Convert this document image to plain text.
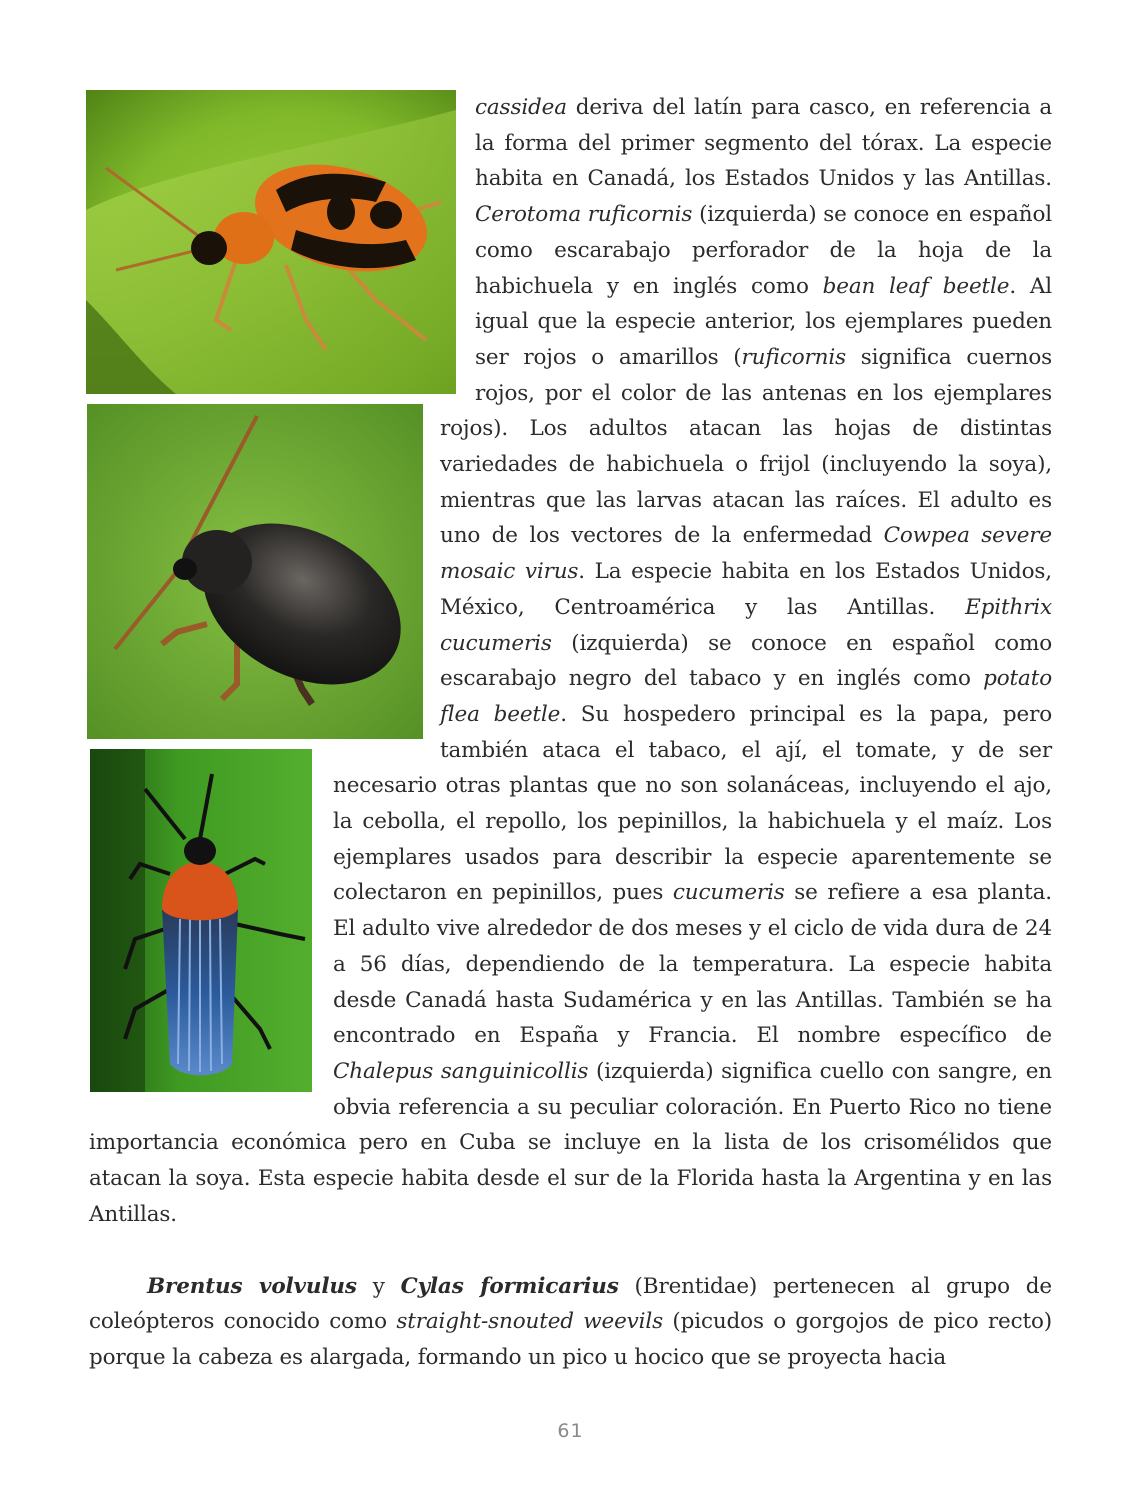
cassidea deriva del latín para casco, en referencia a la forma del primer segmento del tórax. La especie habita en Canadá, los Estados Unidos y las Antillas. Cerotoma ruficornis (izquierda) se conoce en español como escarabajo perforador de la hoja de la habichuela y en inglés como bean leaf beetle. Al igual que la especie anterior, los ejemplares pueden ser rojos o amarillos (ruficornis significa cuernos rojos, por el color de las antenas en los ejemplares rojos). Los adultos atacan las hojas de distintas variedades de habichuela o frijol (incluyendo la soya), mientras que las larvas atacan las raíces. El adulto es uno de los vectores de la enfermedad Cowpea severe mosaic virus. La especie habita en los Estados Unidos, México, Centroamérica y las Antillas. Epithrix cucumeris (izquierda) se conoce en español como escarabajo negro del tabaco y en inglés como potato flea beetle. Su hospedero principal es la papa, pero también ataca el tabaco, el ají, el tomate, y de ser necesario otras plantas que no son solanáceas, incluyendo el ajo, la cebolla, el repollo, los pepinillos, la habichuela y el maíz. Los ejemplares usados para describir la especie aparentemente se colectaron en pepinillos, pues cucumeris se refiere a esa planta. El adulto vive alrededor de dos meses y el ciclo de vida dura de 24 a 56 días, dependiendo de la temperatura. La especie habita desde Canadá hasta Sudamérica y en las Antillas. También se ha encontrado en España y Francia. El nombre específico de Chalepus sanguinicollis (izquierda) significa cuello con sangre, en obvia referencia a su peculiar coloración. En Puerto Rico no tiene importancia económica pero en Cuba se incluye en la lista de los crisomélidos que atacan la soya. Esta especie habita desde el sur de la Florida hasta la Argentina y en las Antillas.

Brentus volvulus y Cylas formicarius (Brentidae) pertenecen al grupo de coleópteros conocido como straight-snouted weevils (picudos o gorgojos de pico recto) porque la cabeza es alargada, formando un pico u hocico que se proyecta hacia

61
